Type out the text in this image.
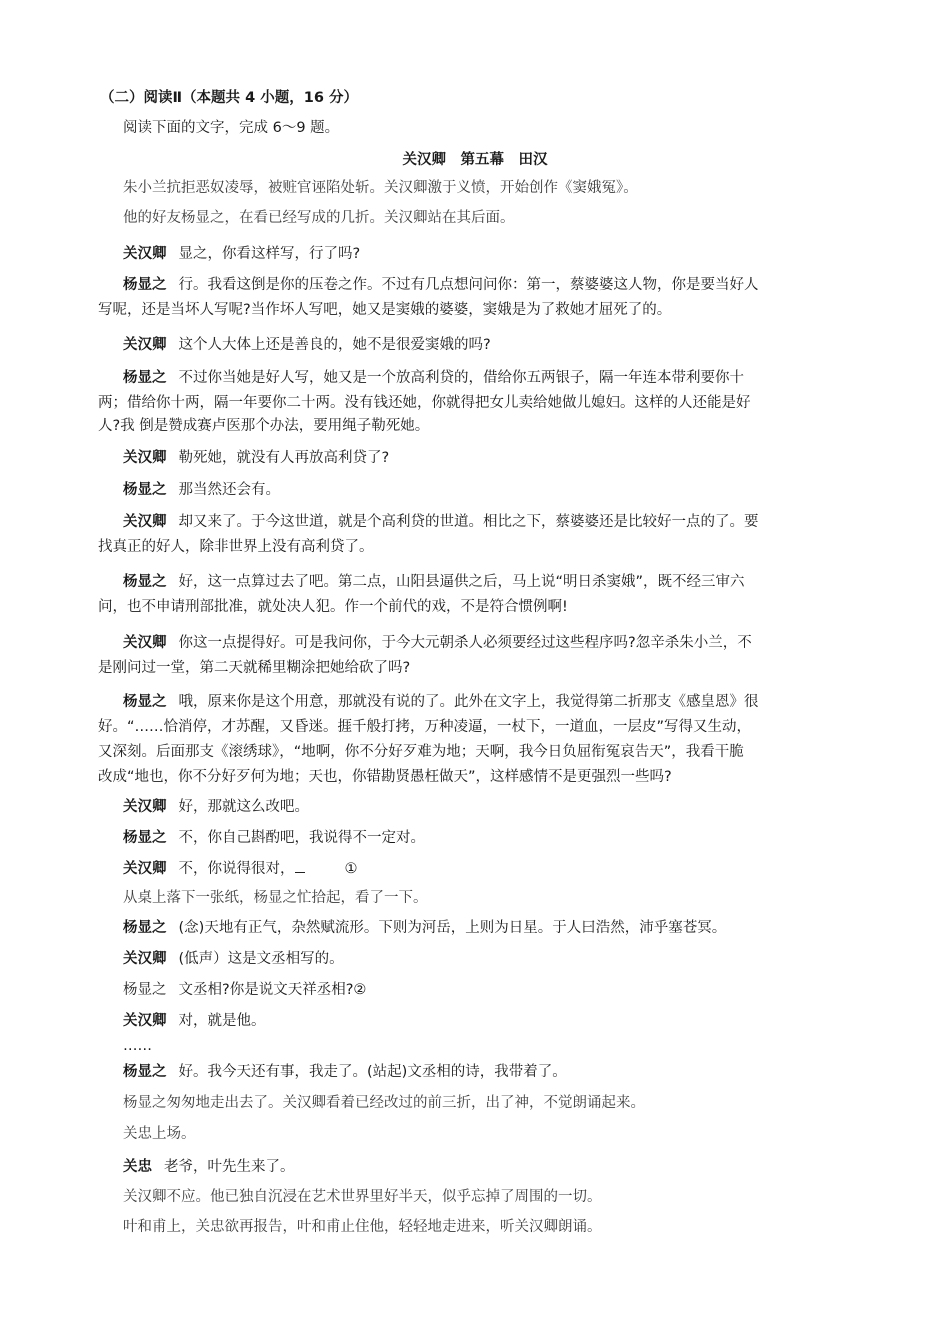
（二）阅读Ⅱ（本题共 4 小题，16 分）
阅读下面的文字，完成 6～9 题。
关汉卿　第五幕　田汉
朱小兰抗拒恶奴凌辱，被赃官诬陷处斩。关汉卿激于义愤，开始创作《窦娥冤》。
他的好友杨显之，在看已经写成的几折。关汉卿站在其后面。
关汉卿 显之，你看这样写，行了吗?
杨显之 行。我看这倒是你的压卷之作。不过有几点想问问你：第一，蔡婆婆这人物，你是要当好人
写呢，还是当坏人写呢?当作坏人写吧，她又是窦娥的婆婆，窦娥是为了救她才屈死了的。
关汉卿 这个人大体上还是善良的，她不是很爱窦娥的吗?
杨显之 不过你当她是好人写，她又是一个放高利贷的，借给你五两银子，隔一年连本带利要你十
两；借给你十两，隔一年要你二十两。没有钱还她，你就得把女儿卖给她做儿媳妇。这样的人还能是好
人?我 倒是赞成赛卢医那个办法，要用绳子勒死她。
关汉卿 勒死她，就没有人再放高利贷了?
杨显之 那当然还会有。
关汉卿 却又来了。于今这世道，就是个高利贷的世道。相比之下，蔡婆婆还是比较好一点的了。要
找真正的好人，除非世界上没有高利贷了。
杨显之 好，这一点算过去了吧。第二点，山阳县逼供之后，马上说“明日杀窦娥”，既不经三审六
问，也不申请刑部批准，就处决人犯。作一个前代的戏，不是符合惯例啊!
关汉卿 你这一点提得好。可是我问你，于今大元朝杀人必须要经过这些程序吗?忽辛杀朱小兰，不
是刚问过一堂，第二天就稀里糊涂把她给砍了吗?
杨显之 哦，原来你是这个用意，那就没有说的了。此外在文字上，我觉得第二折那支《感皇恩》很
好。“……恰消停，才苏醒，又昏迷。捱千般打拷，万种凌逼，一杖下，一道血，一层皮”写得又生动，
又深刻。后面那支《滚绣球》，“地啊，你不分好歹难为地；天啊，我今日负屈衔冤哀告天”，我看干脆
改成“地也，你不分好歹何为地；天也，你错勘贤愚枉做天”，这样感情不是更强烈一些吗?
关汉卿 好，那就这么改吧。
杨显之 不，你自己斟酌吧，我说得不一定对。
关汉卿 不，你说得很对，	①
从桌上落下一张纸，杨显之忙拾起，看了一下。
杨显之 (念)天地有正气，杂然赋流形。下则为河岳，上则为日星。于人曰浩然，沛乎塞苍冥。
关汉卿 (低声）这是文丞相写的。
杨显之 文丞相?你是说文天祥丞相?②
关汉卿 对，就是他。
……
杨显之 好。我今天还有事，我走了。(站起)文丞相的诗，我带着了。
杨显之匆匆地走出去了。关汉卿看着已经改过的前三折，出了神，不觉朗诵起来。
关忠上场。
关忠 老爷，叶先生来了。
关汉卿不应。他已独自沉浸在艺术世界里好半天，似乎忘掉了周围的一切。
叶和甫上，关忠欲再报告，叶和甫止住他，轻轻地走进来，听关汉卿朗诵。
